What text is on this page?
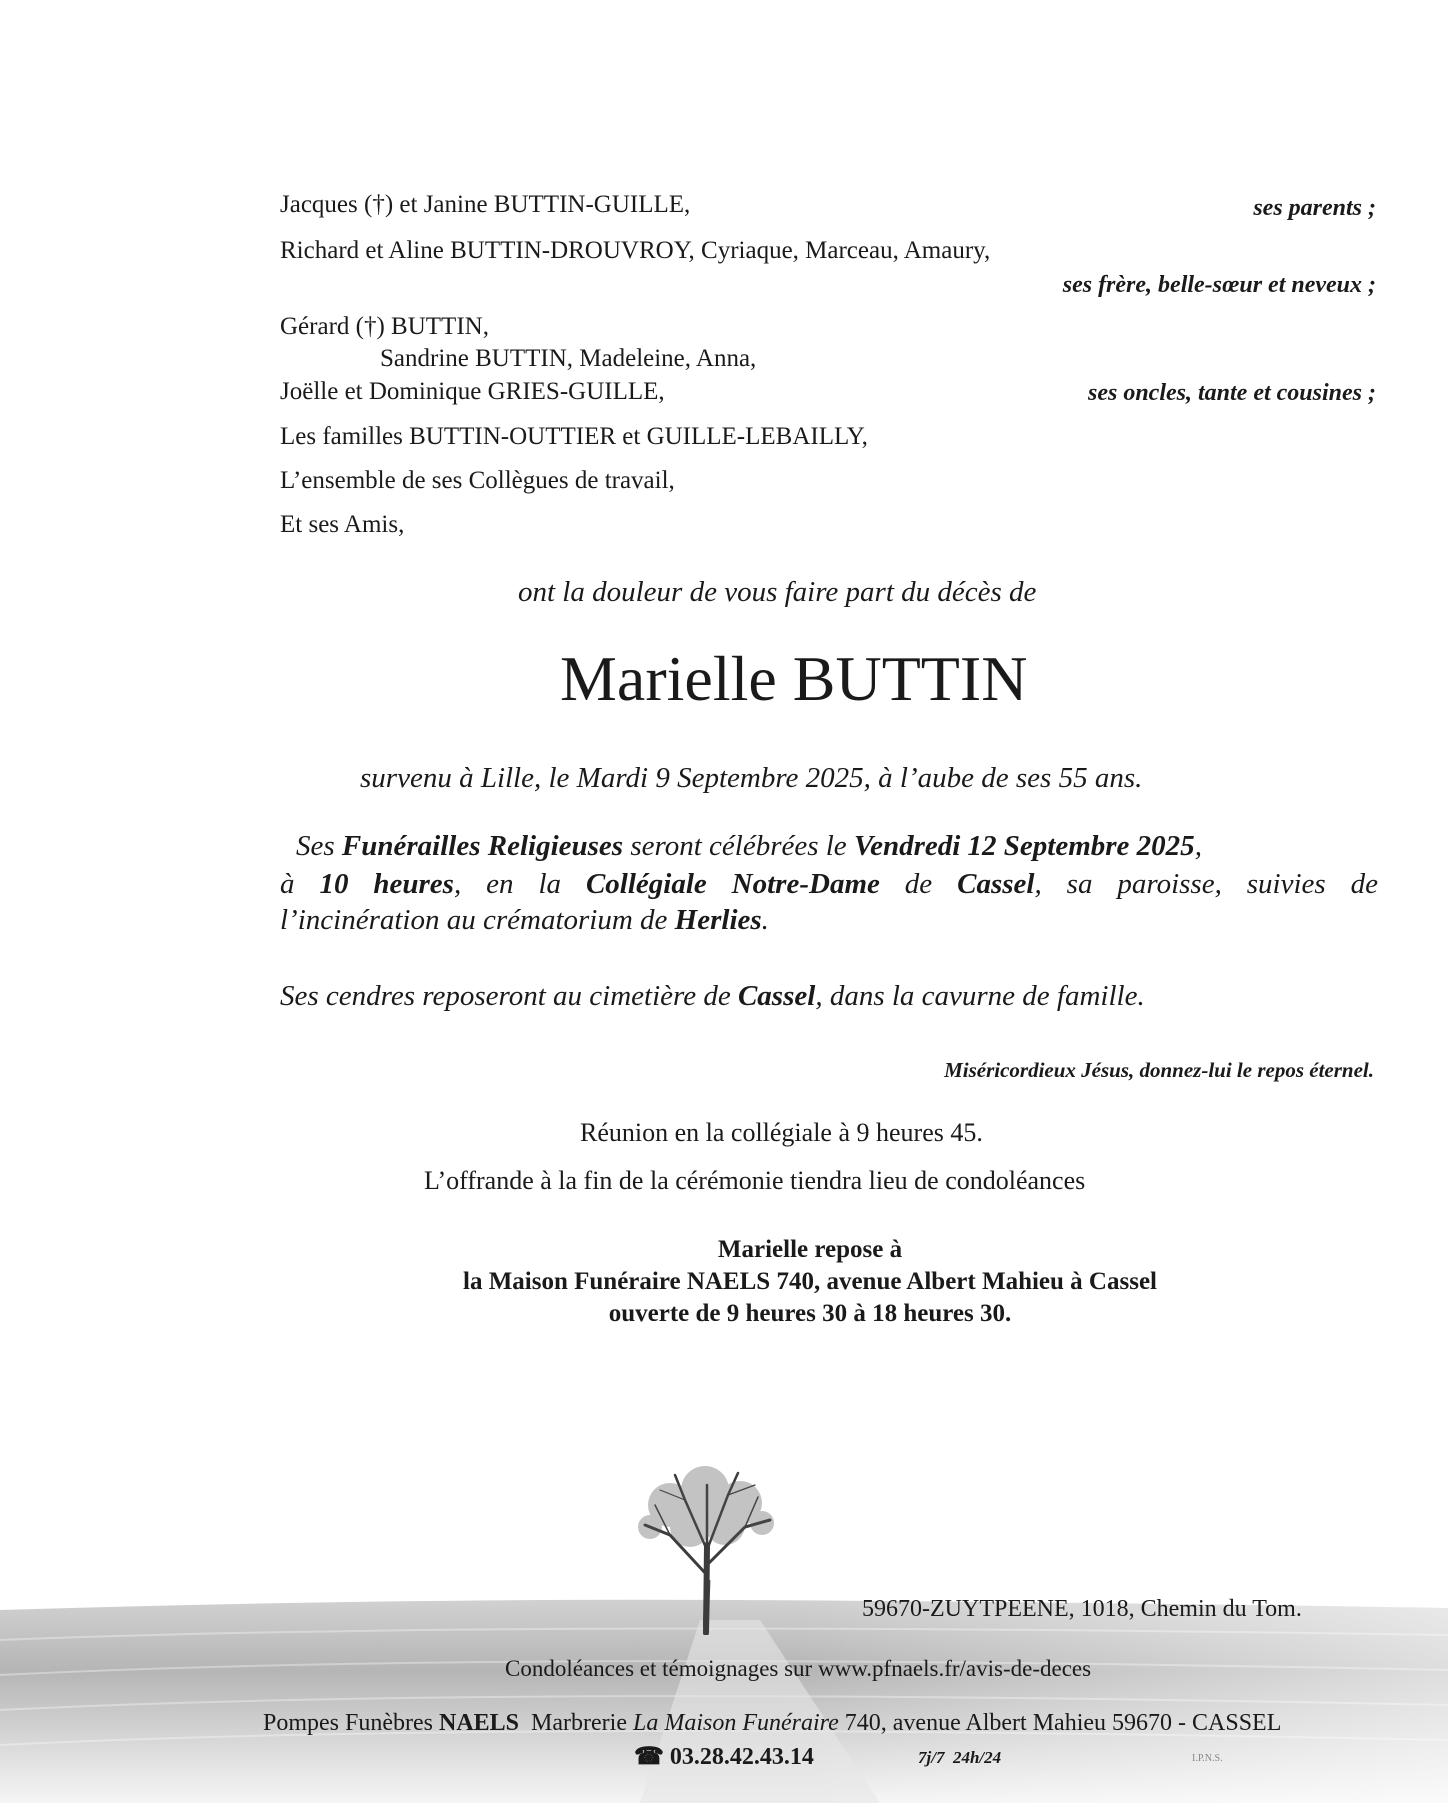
Jacques (†) et Janine BUTTIN-GUILLE,	ses parents ;
Richard et Aline BUTTIN-DROUVROY, Cyriaque, Marceau, Amaury,
ses frère, belle-sœur et neveux ;
Gérard (†) BUTTIN,
Sandrine BUTTIN, Madeleine, Anna,
Joëlle et Dominique GRIES-GUILLE,	ses oncles, tante et cousines ;
Les familles BUTTIN-OUTTIER et GUILLE-LEBAILLY,
L’ensemble de ses Collègues de travail,
Et ses Amis,
ont la douleur de vous faire part du décès de
Marielle BUTTIN
survenu à Lille, le Mardi 9 Septembre 2025, à l’aube de ses 55 ans.
Ses Funérailles Religieuses seront célébrées le Vendredi 12 Septembre 2025,
à 10 heures, en la Collégiale Notre-Dame de Cassel, sa paroisse, suivies de
l’incinération au crématorium de Herlies.
Ses cendres reposeront au cimetière de Cassel, dans la cavurne de famille.
Miséricordieux Jésus, donnez-lui le repos éternel.
Réunion en la collégiale à 9 heures 45.
L’offrande à la fin de la cérémonie tiendra lieu de condoléances
Marielle repose à
la Maison Funéraire NAELS 740, avenue Albert Mahieu à Cassel
ouverte de 9 heures 30 à 18 heures 30.
59670-ZUYTPEENE, 1018, Chemin du Tom.
Condoléances et témoignages sur www.pfnaels.fr/avis-de-deces
Pompes Funèbres NAELS  Marbrerie La Maison Funéraire 740, avenue Albert Mahieu 59670 - CASSEL
☎ 03.28.42.43.14	7j/7  24h/24	I.P.N.S.
